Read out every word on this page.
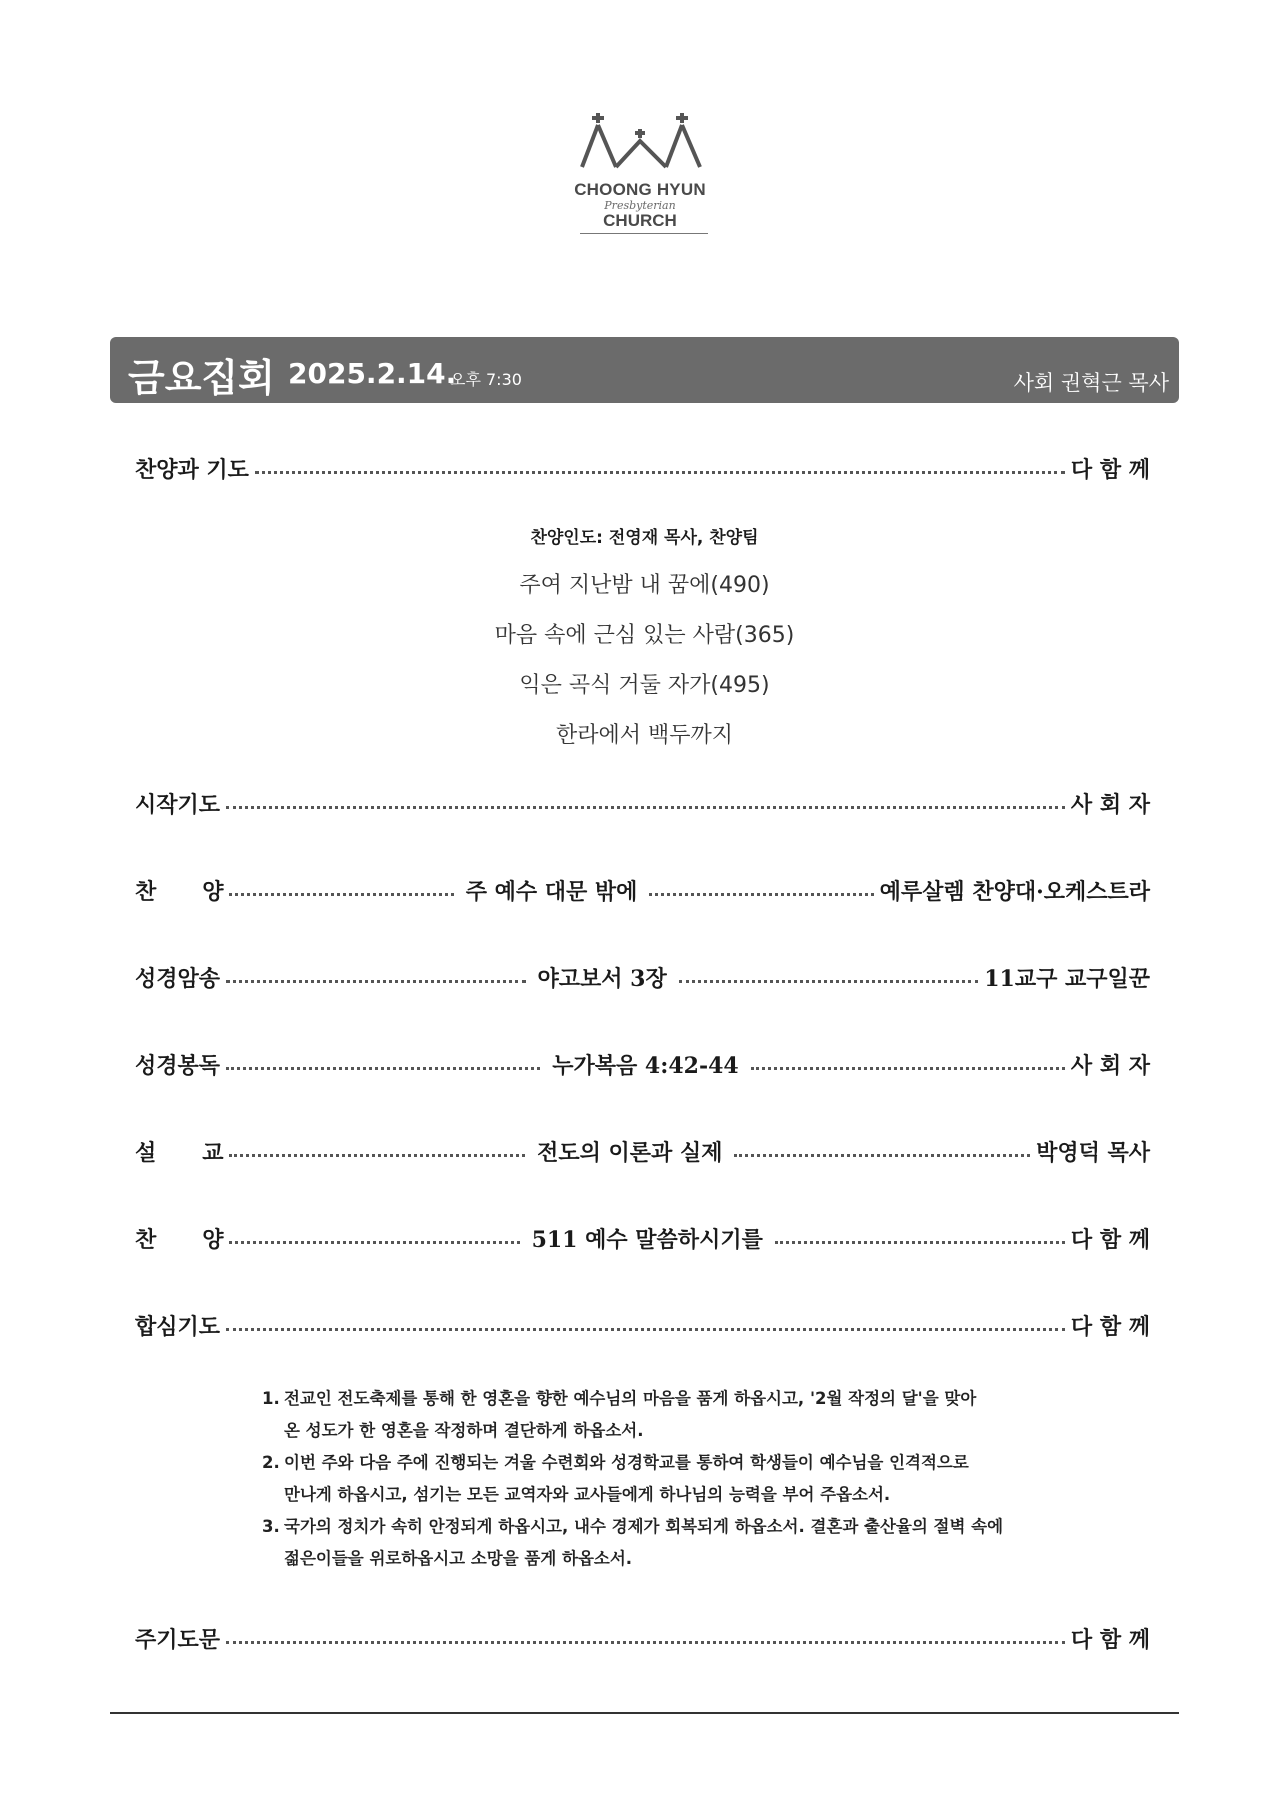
CHOONG HYUN
Presbyterian
CHURCH
금요집회 2025.2.14.
오후 7:30	사회 권혁근 목사
찬양과 기도	다 함 께
찬양인도: 전영재 목사, 찬양팀
주여 지난밤 내 꿈에(490)
마음 속에 근심 있는 사람(365)
익은 곡식 거둘 자가(495)
한라에서 백두까지
시작기도	사 회 자
찬      양	주 예수 대문 밖에	예루살렘 찬양대·오케스트라
성경암송	야고보서 3장	11교구 교구일꾼
성경봉독	누가복음 4:42-44	사 회 자
설      교	전도의 이론과 실제	박영덕 목사
찬      양	511 예수 말씀하시기를	다 함 께
합심기도	다 함 께
1. 전교인 전도축제를 통해 한 영혼을 향한 예수님의 마음을 품게 하옵시고, '2월 작정의 달'을 맞아
온 성도가 한 영혼을 작정하며 결단하게 하옵소서.
2. 이번 주와 다음 주에 진행되는 겨울 수련회와 성경학교를 통하여 학생들이 예수님을 인격적으로
만나게 하옵시고, 섬기는 모든 교역자와 교사들에게 하나님의 능력을 부어 주옵소서.
3. 국가의 정치가 속히 안정되게 하옵시고, 내수 경제가 회복되게 하옵소서. 결혼과 출산율의 절벽 속에
젊은이들을 위로하옵시고 소망을 품게 하옵소서.
주기도문	다 함 께
